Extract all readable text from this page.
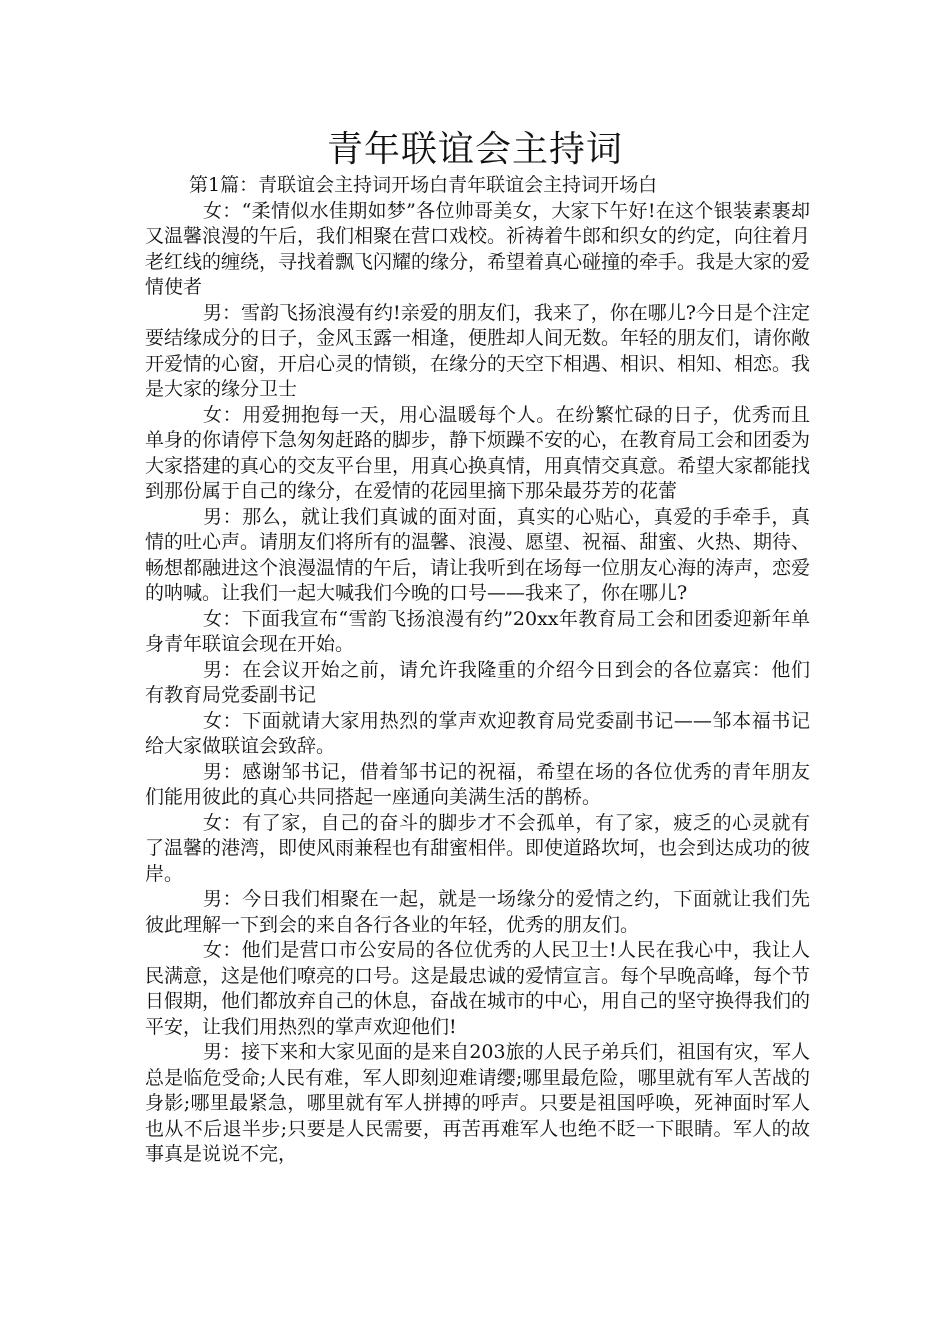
青年联谊会主持词

第1篇：青联谊会主持词开场白青年联谊会主持词开场白

女：“柔情似水佳期如梦”各位帅哥美女，大家下午好!在这个银装素裹却又温馨浪漫的午后，我们相聚在营口戏校。祈祷着牛郎和织女的约定，向往着月老红线的缠绕，寻找着飘飞闪耀的缘分，希望着真心碰撞的牵手。我是大家的爱情使者

男：雪韵飞扬浪漫有约!亲爱的朋友们，我来了，你在哪儿?今日是个注定要结缘成分的日子，金风玉露一相逢，便胜却人间无数。年轻的朋友们，请你敞开爱情的心窗，开启心灵的情锁，在缘分的天空下相遇、相识、相知、相恋。我是大家的缘分卫士

女：用爱拥抱每一天，用心温暖每个人。在纷繁忙碌的日子，优秀而且单身的你请停下急匆匆赶路的脚步，静下烦躁不安的心，在教育局工会和团委为大家搭建的真心的交友平台里，用真心换真情，用真情交真意。希望大家都能找到那份属于自己的缘分，在爱情的花园里摘下那朵最芬芳的花蕾

男：那么，就让我们真诚的面对面，真实的心贴心，真爱的手牵手，真情的吐心声。请朋友们将所有的温馨、浪漫、愿望、祝福、甜蜜、火热、期待、畅想都融进这个浪漫温情的午后，请让我听到在场每一位朋友心海的涛声，恋爱的呐喊。让我们一起大喊我们今晚的口号——我来了，你在哪儿?

女：下面我宣布“雪韵飞扬浪漫有约”20xx年教育局工会和团委迎新年单身青年联谊会现在开始。

男：在会议开始之前，请允许我隆重的介绍今日到会的各位嘉宾：他们有教育局党委副书记

女：下面就请大家用热烈的掌声欢迎教育局党委副书记——邹本福书记给大家做联谊会致辞。

男：感谢邹书记，借着邹书记的祝福，希望在场的各位优秀的青年朋友们能用彼此的真心共同搭起一座通向美满生活的鹊桥。

女：有了家，自己的奋斗的脚步才不会孤单，有了家，疲乏的心灵就有了温馨的港湾，即使风雨兼程也有甜蜜相伴。即使道路坎坷，也会到达成功的彼岸。

男：今日我们相聚在一起，就是一场缘分的爱情之约，下面就让我们先彼此理解一下到会的来自各行各业的年轻，优秀的朋友们。

女：他们是营口市公安局的各位优秀的人民卫士!人民在我心中，我让人民满意，这是他们嘹亮的口号。这是最忠诚的爱情宣言。每个早晚高峰，每个节日假期，他们都放弃自己的休息，奋战在城市的中心，用自己的坚守换得我们的平安，让我们用热烈的掌声欢迎他们!

男：接下来和大家见面的是来自203旅的人民子弟兵们，祖国有灾，军人总是临危受命;人民有难，军人即刻迎难请缨;哪里最危险，哪里就有军人苦战的身影;哪里最紧急，哪里就有军人拼搏的呼声。只要是祖国呼唤，死神面时军人也从不后退半步;只要是人民需要，再苦再难军人也绝不眨一下眼睛。军人的故事真是说说不完，
